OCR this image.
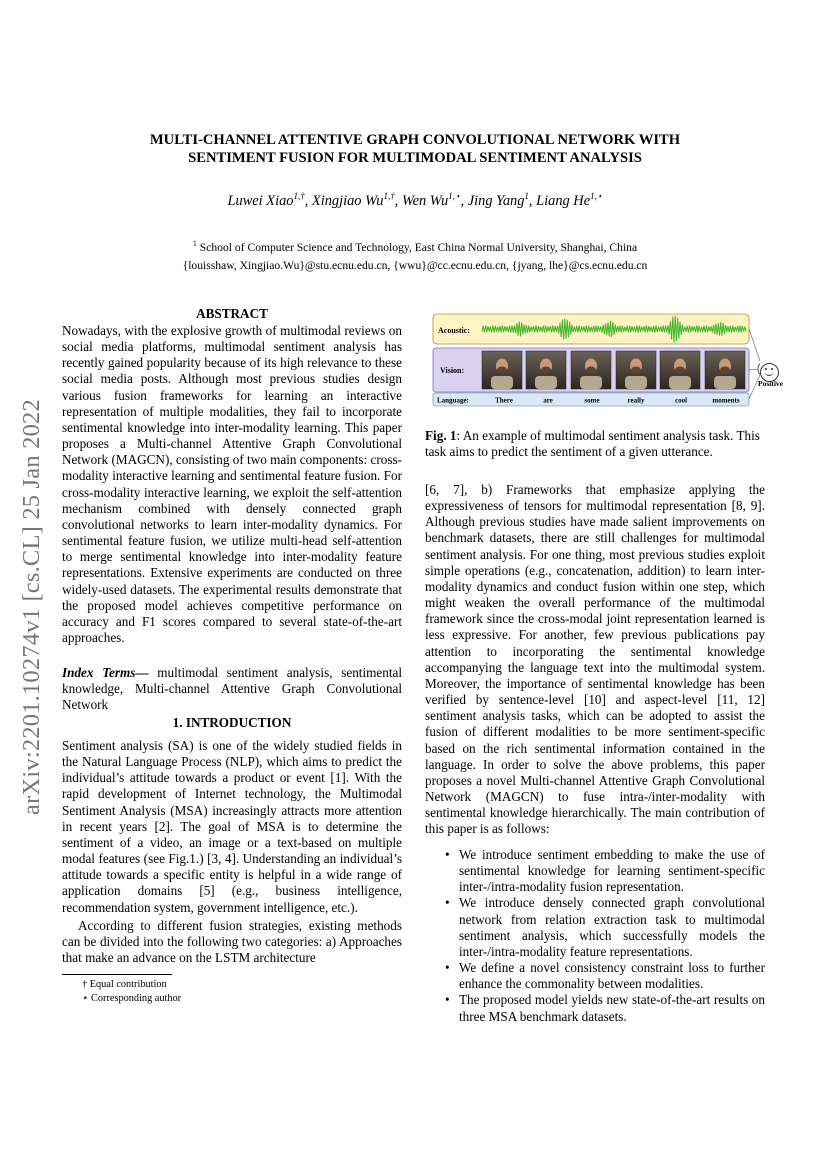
MULTI-CHANNEL ATTENTIVE GRAPH CONVOLUTIONAL NETWORK WITH
SENTIMENT FUSION FOR MULTIMODAL SENTIMENT ANALYSIS
Luwei Xiao$^{1,\dagger}$, Xingjiao $Wu^{1,\dagger}$, Wen $Wu^{1,⋆}$, Jing Yang$^1$, Liang $He^{1,⋆}$
$^1$ School of Computer Science and Technology, East China Normal University, Shanghai, China
{louisshaw, Xingjiao.Wu}@stu.ecnu.edu.cn, {wwu}@cc.ecnu.edu.cn, {jyang, lhe}@cs.ecnu.edu.cn
arXiv:2201.10274v1 [cs.CL] 25 Jan 2022
ABSTRACT

Nowadays, with the explosive growth of multimodal reviews on social media platforms, multimodal sentiment analysis has recently gained popularity because of its high relevance to these social media posts. Although most previous studies design various fusion frameworks for learning an interactive representation of multiple modalities, they fail to incorporate sentimental knowledge into inter-modality learning. This paper proposes a Multi-channel Attentive Graph Convolutional Network (MAGCN), consisting of two main components: cross-modality interactive learning and sentimental feature fusion. For cross-modality interactive learning, we exploit the self-attention mechanism combined with densely connected graph convolutional networks to learn inter-modality dynamics. For sentimental feature fusion, we utilize multi-head self-attention to merge sentimental knowledge into inter-modality feature representations. Extensive experiments are conducted on three widely-used datasets. The experimental results demonstrate that the proposed model achieves competitive performance on accuracy and F1 scores compared to several state-of-the-art approaches.

Index Terms— multimodal sentiment analysis, sentimental knowledge, Multi-channel Attentive Graph Convolutional Network

1. INTRODUCTION

Sentiment analysis (SA) is one of the widely studied fields in the Natural Language Process (NLP), which aims to predict the individual’s attitude towards a product or event [1]. With the rapid development of Internet technology, the Multimodal Sentiment Analysis (MSA) increasingly attracts more attention in recent years [2]. The goal of MSA is to determine the sentiment of a video, an image or a text-based on multiple modal features (see Fig.1.) [3, 4]. Understanding an individual’s attitude towards a specific entity is helpful in a wide range of application domains [5] (e.g., business intelligence, recommendation system, government intelligence, etc.).

According to different fusion strategies, existing methods can be divided into the following two categories: a) Approaches that make an advance on the LSTM architecture

† Equal contribution
⋆ Corresponding author
Acoustic:
Vision:
Language:	There	are	some	really	cool	moments
Positive

Fig. 1: An example of multimodal sentiment analysis task. This task aims to predict the sentiment of a given utterance.

[6, 7], b) Frameworks that emphasize applying the expressiveness of tensors for multimodal representation [8, 9]. Although previous studies have made salient improvements on benchmark datasets, there are still challenges for multimodal sentiment analysis. For one thing, most previous studies exploit simple operations (e.g., concatenation, addition) to learn inter-modality dynamics and conduct fusion within one step, which might weaken the overall performance of the multimodal framework since the cross-modal joint representation learned is less expressive. For another, few previous publications pay attention to incorporating the sentimental knowledge accompanying the language text into the multimodal system. Moreover, the importance of sentimental knowledge has been verified by sentence-level [10] and aspect-level [11, 12] sentiment analysis tasks, which can be adopted to assist the fusion of different modalities to be more sentiment-specific based on the rich sentimental information contained in the language. In order to solve the above problems, this paper proposes a novel Multi-channel Attentive Graph Convolutional Network (MAGCN) to fuse intra-/inter-modality with sentimental knowledge hierarchically. The main contribution of this paper is as follows:

• We introduce sentiment embedding to make the use of sentimental knowledge for learning sentiment-specific inter-/intra-modality fusion representation.
• We introduce densely connected graph convolutional network from relation extraction task to multimodal sentiment analysis, which successfully models the inter-/intra-modality feature representations.
• We define a novel consistency constraint loss to further enhance the commonality between modalities.
• The proposed model yields new state-of-the-art results on three MSA benchmark datasets.
